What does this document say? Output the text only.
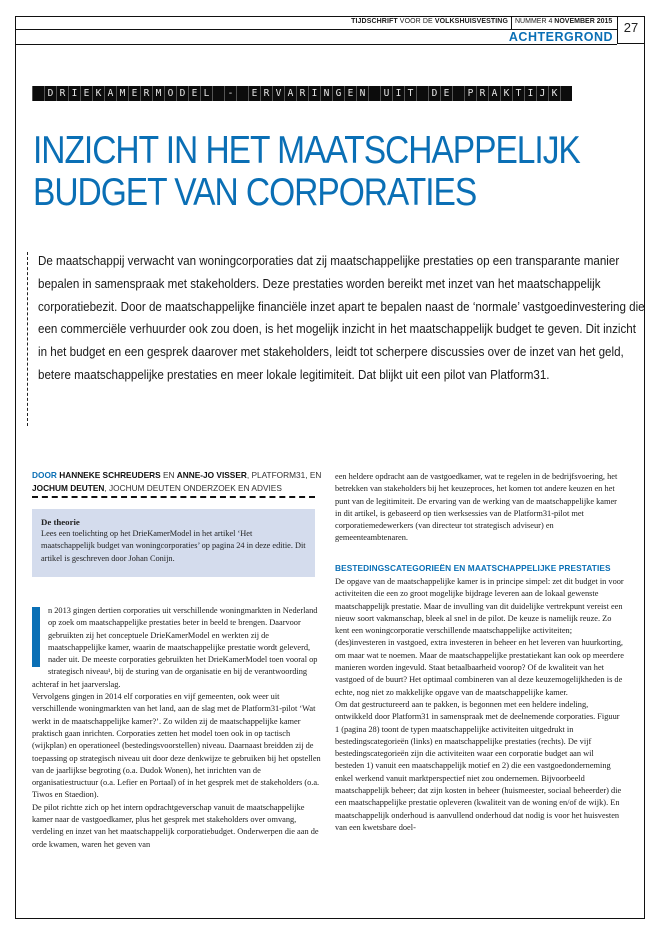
TIJDSCHRIFT VOOR DE VOLKSHUISVESTING NUMMER 4 NOVEMBER 2015
ACHTERGROND
27

D R I E K A M E R M O D E L
	-
	E R V A R I N G E N
	U I T
	D E
	P R A K T I J K

INZICHT IN HET MAATSCHAPPELIJK
BUDGET VAN CORPORATIES

De maatschappij verwacht van woningcorporaties dat zij maatschappelijke prestaties op een transparante manier bepalen in samenspraak met stakeholders. Deze prestaties worden bereikt met inzet van het maatschappelijk corporatiebezit. Door de maatschappelijke financiële inzet apart te bepalen naast de ‘normale’ vastgoedinvestering die een commerciële verhuurder ook zou doen, is het mogelijk inzicht in het maatschappelijk budget te geven. Dit inzicht in het budget en een gesprek daarover met stakeholders, leidt tot scherpere discussies over de inzet van het geld, betere maatschappelijke prestaties en meer lokale legitimiteit. Dat blijkt uit een pilot van Platform31.

DOOR HANNEKE SCHREUDERS EN ANNE-JO VISSER, PLATFORM31, EN JOCHUM DEUTEN, JOCHUM DEUTEN ONDERZOEK EN ADVIES
De theorie
Lees een toelichting op het DrieKamerModel in het artikel ‘Het maatschappelijk budget van woningcorporaties’ op pagina 24 in deze editie. Dit artikel is geschreven door Johan Conijn.

n 2013 gingen dertien corporaties uit verschillende woningmarkten in Nederland op zoek om maatschappelijke prestaties beter in beeld te brengen. Daarvoor gebruikten zij het conceptuele DrieKamerModel en werkten zij de maatschappelijke kamer, waarin de maatschappelijke prestatie wordt geleverd, nader uit. De meeste corporaties gebruikten het DrieKamerModel toen vooral op strategisch niveau¹, bij de sturing van de organisatie en bij de verantwoording achteraf in het jaarverslag.

Vervolgens gingen in 2014 elf corporaties en vijf gemeenten, ook weer uit verschillende woningmarkten van het land, aan de slag met de Platform31-pilot ‘Wat werkt in de maatschappelijke kamer?’. Zo wilden zij de maatschappelijke kamer praktisch gaan inrichten. Corporaties zetten het model toen ook in op tactisch (wijkplan) en operationeel (bestedingsvoorstellen) niveau. Daarnaast breidden zij de toepassing op strategisch niveau uit door deze denkwijze te gebruiken bij het opstellen van de jaarlijkse begroting (o.a. Dudok Wonen), het inrichten van de organisatiestructuur (o.a. Lefier en Portaal) of in het gesprek met de stakeholders (o.a. Tiwos en Staedion).

De pilot richtte zich op het intern opdrachtgeverschap vanuit de maatschappelijke kamer naar de vastgoedkamer, plus het gesprek met stakeholders over omvang, verdeling en inzet van het maatschappelijk corporatiebudget. Onderwerpen die aan de orde kwamen, waren het geven van

een heldere opdracht aan de vastgoedkamer, wat te regelen in de bedrijfsvoering, het betrekken van stakeholders bij het keuzeproces, het komen tot andere keuzen en het punt van de legitimiteit. De ervaring van de werking van de maatschappelijke kamer in dit artikel, is gebaseerd op tien werksessies van de Platform31-pilot met corporatiemedewerkers (van directeur tot strategisch adviseur) en gemeenteambtenaren.

BESTEDINGSCATEGORIEËN EN MAATSCHAPPELIJKE PRESTATIES

De opgave van de maatschappelijke kamer is in principe simpel: zet dit budget in voor activiteiten die een zo groot mogelijke bijdrage leveren aan de lokaal gewenste maatschappelijk prestatie. Maar de invulling van dit duidelijke vertrekpunt vereist een nieuw soort vakmanschap, bleek al snel in de pilot. De keuze is namelijk reuze. Zo kent een woningcorporatie verschillende maatschappelijke activiteiten; (des)investeren in vastgoed, extra investeren in beheer en het leveren van huurkorting, om maar wat te noemen. Maar de maatschappelijke prestatiekant kan ook op meerdere manieren worden ingevuld. Staat betaalbaarheid voorop? Of de kwaliteit van het vastgoed of de buurt? Het optimaal combineren van al deze keuzemogelijkheden is de echte, nog niet zo makkelijke opgave van de maatschappelijke kamer.

Om dat gestructureerd aan te pakken, is begonnen met een heldere indeling, ontwikkeld door Platform31 in samenspraak met de deelnemende corporaties. Figuur 1 (pagina 28) toont de typen maatschappelijke activiteiten uitgedrukt in bestedingscategorieën (links) en maatschappelijke prestaties (rechts). De vijf bestedingscategorieën zijn die activiteiten waar een corporatie budget aan wil besteden 1) vanuit een maatschappelijk motief en 2) die een vastgoedonderneming enkel werkend vanuit marktperspectief niet zou ondernemen. Bijvoorbeeld maatschappelijk beheer; dat zijn kosten in beheer (huismeester, sociaal beheerder) die een maatschappelijke prestatie opleveren (kwaliteit van de woning en/of de wijk). En maatschappelijk onderhoud is aanvullend onderhoud dat nodig is voor het huisvesten van een kwetsbare doel-
